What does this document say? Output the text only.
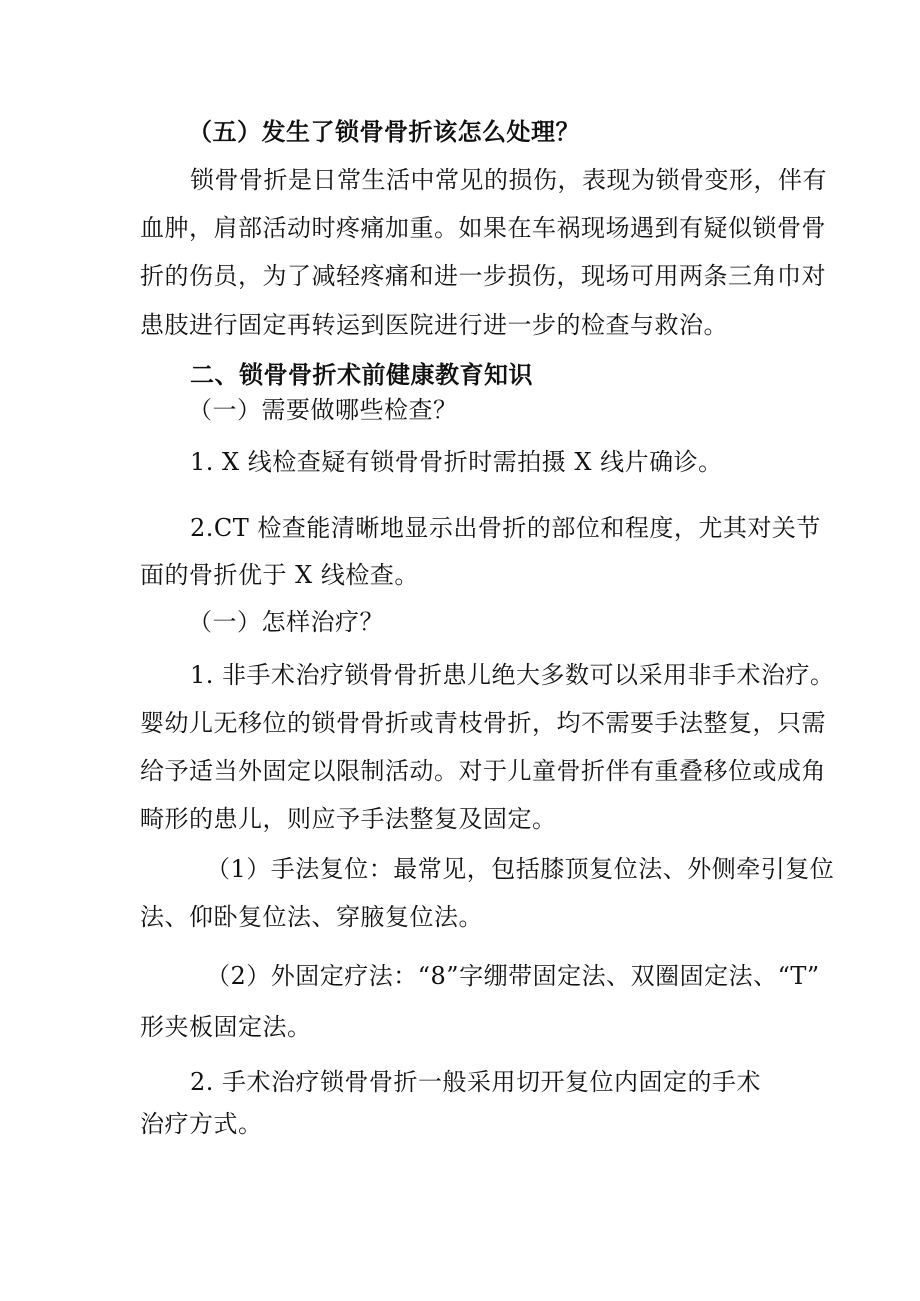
（五）发生了锁骨骨折该怎么处理？
锁骨骨折是日常生活中常见的损伤，表现为锁骨变形，伴有
血肿，肩部活动时疼痛加重。如果在车祸现场遇到有疑似锁骨骨
折的伤员，为了减轻疼痛和进一步损伤，现场可用两条三角巾对
患肢进行固定再转运到医院进行进一步的检查与救治。
二、锁骨骨折术前健康教育知识
（一）需要做哪些检查？
1. X 线检查疑有锁骨骨折时需拍摄 X 线片确诊。
2.CT 检查能清晰地显示出骨折的部位和程度，尤其对关节
面的骨折优于 X 线检查。
（一）怎样治疗？
1. 非手术治疗锁骨骨折患儿绝大多数可以采用非手术治疗。
婴幼儿无移位的锁骨骨折或青枝骨折，均不需要手法整复，只需
给予适当外固定以限制活动。对于儿童骨折伴有重叠移位或成角
畸形的患儿，则应予手法整复及固定。
（1）手法复位：最常见，包括膝顶复位法、外侧牵引复位
法、仰卧复位法、穿腋复位法。
（2）外固定疗法：“8”字绷带固定法、双圈固定法、“T”
形夹板固定法。
2. 手术治疗锁骨骨折一般采用切开复位内固定的手术
治疗方式。
